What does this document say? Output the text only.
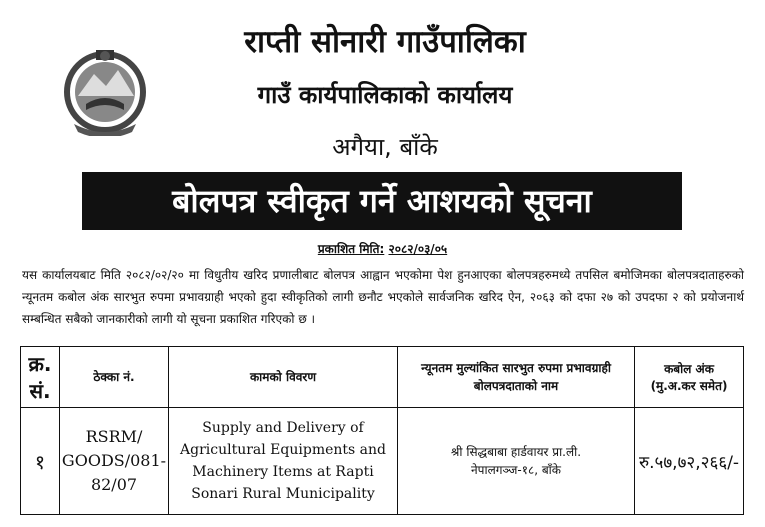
राप्ती सोनारी गाउँपालिका
गाउँ कार्यपालिकाको कार्यालय
अगैया, बाँके
बोलपत्र स्वीकृत गर्ने आशयको सूचना
प्रकाशित मिति: २०८२/०३/०५
यस कार्यालयबाट मिति २०८२/०२/२० मा विधुतीय खरिद प्रणालीबाट बोलपत्र आह्वान भएकोमा पेश हुनआएका बोलपत्रहरुमध्ये तपसिल बमोजिमका बोलपत्रदाताहरुको न्यूनतम कबोल अंक सारभुत रुपमा प्रभावग्राही भएको हुदा स्वीकृतिको लागी छनौट भएकोले सार्वजनिक खरिद ऐन, २०६३ को दफा २७ को उपदफा २ को प्रयोजनार्थ सम्बन्धित सबैको जानकारीको लागी यो सूचना प्रकाशित गरिएको छ ।
क्र. सं.	ठेक्का नं.	कामको विवरण	न्यूनतम मुल्यांकित सारभुत रुपमा प्रभावग्राही बोलपत्रदाताको नाम	कबोल अंक
(मु.अ.कर समेत)

१	RSRM/ GOODS/081-82/07	Supply and Delivery of Agricultural Equipments and Machinery Items at Rapti Sonari Rural Municipality	श्री सिद्धबाबा हार्डवायर प्रा.ली.
नेपालगञ्ज-१८, बाँके	रु.५७,७२,२६६/-
